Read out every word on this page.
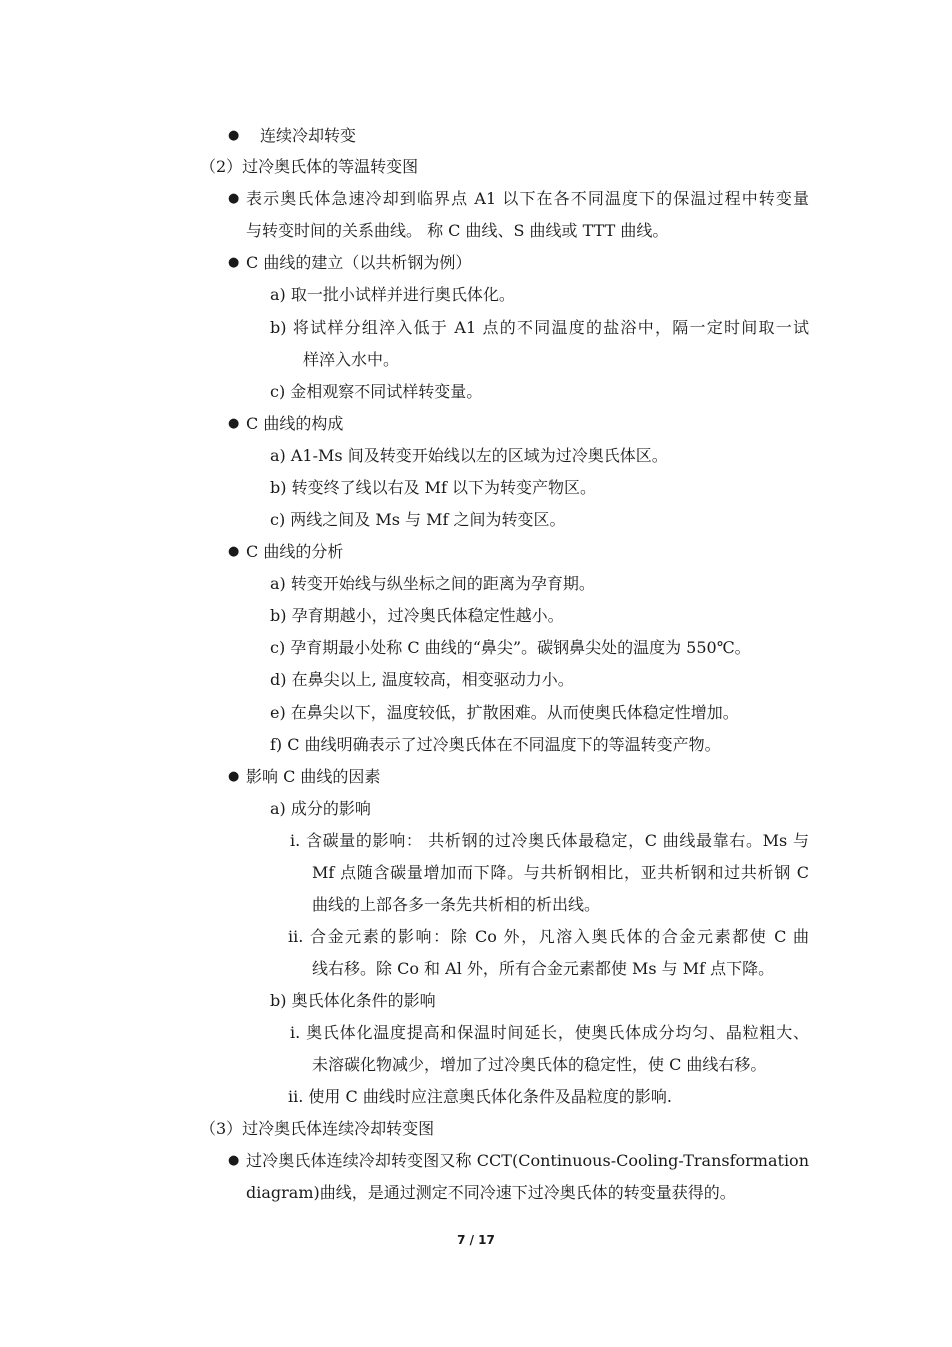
●
●
●
●
●
●
●
连续冷却转变
（2）过冷奥氏体的等温转变图
表示奥氏体急速冷却到临界点 A1 以下在各不同温度下的保温过程中转变量
与转变时间的关系曲线。 称 C 曲线、S 曲线或 TTT 曲线。
C 曲线的建立（以共析钢为例）
a) 取一批小试样并进行奥氏体化。
b) 将试样分组淬入低于 A1 点的不同温度的盐浴中，隔一定时间取一试
样淬入水中。
c) 金相观察不同试样转变量。
C 曲线的构成
a) A1-Ms 间及转变开始线以左的区域为过冷奥氏体区。
b) 转变终了线以右及 Mf 以下为转变产物区。
c) 两线之间及 Ms 与 Mf 之间为转变区。
C 曲线的分析
a) 转变开始线与纵坐标之间的距离为孕育期。
b) 孕育期越小，过冷奥氏体稳定性越小。
c) 孕育期最小处称 C 曲线的“鼻尖”。碳钢鼻尖处的温度为 550℃。
d) 在鼻尖以上, 温度较高，相变驱动力小。
e) 在鼻尖以下，温度较低，扩散困难。从而使奥氏体稳定性增加。
f) C 曲线明确表示了过冷奥氏体在不同温度下的等温转变产物。
影响 C 曲线的因素
a) 成分的影响
i. 含碳量的影响： 共析钢的过冷奥氏体最稳定，C 曲线最靠右。Ms 与
Mf 点随含碳量增加而下降。与共析钢相比，亚共析钢和过共析钢 C
曲线的上部各多一条先共析相的析出线。
ii. 合金元素的影响：除 Co 外，凡溶入奥氏体的合金元素都使 C 曲
线右移。除 Co 和 Al 外，所有合金元素都使 Ms 与 Mf 点下降。
b) 奥氏体化条件的影响
i. 奥氏体化温度提高和保温时间延长，使奥氏体成分均匀、晶粒粗大、
未溶碳化物减少，增加了过冷奥氏体的稳定性，使 C 曲线右移。
ii. 使用 C 曲线时应注意奥氏体化条件及晶粒度的影响.
（3）过冷奥氏体连续冷却转变图
过冷奥氏体连续冷却转变图又称 CCT(Continuous-Cooling-Transformation
diagram)曲线，是通过测定不同冷速下过冷奥氏体的转变量获得的。
7 / 17
